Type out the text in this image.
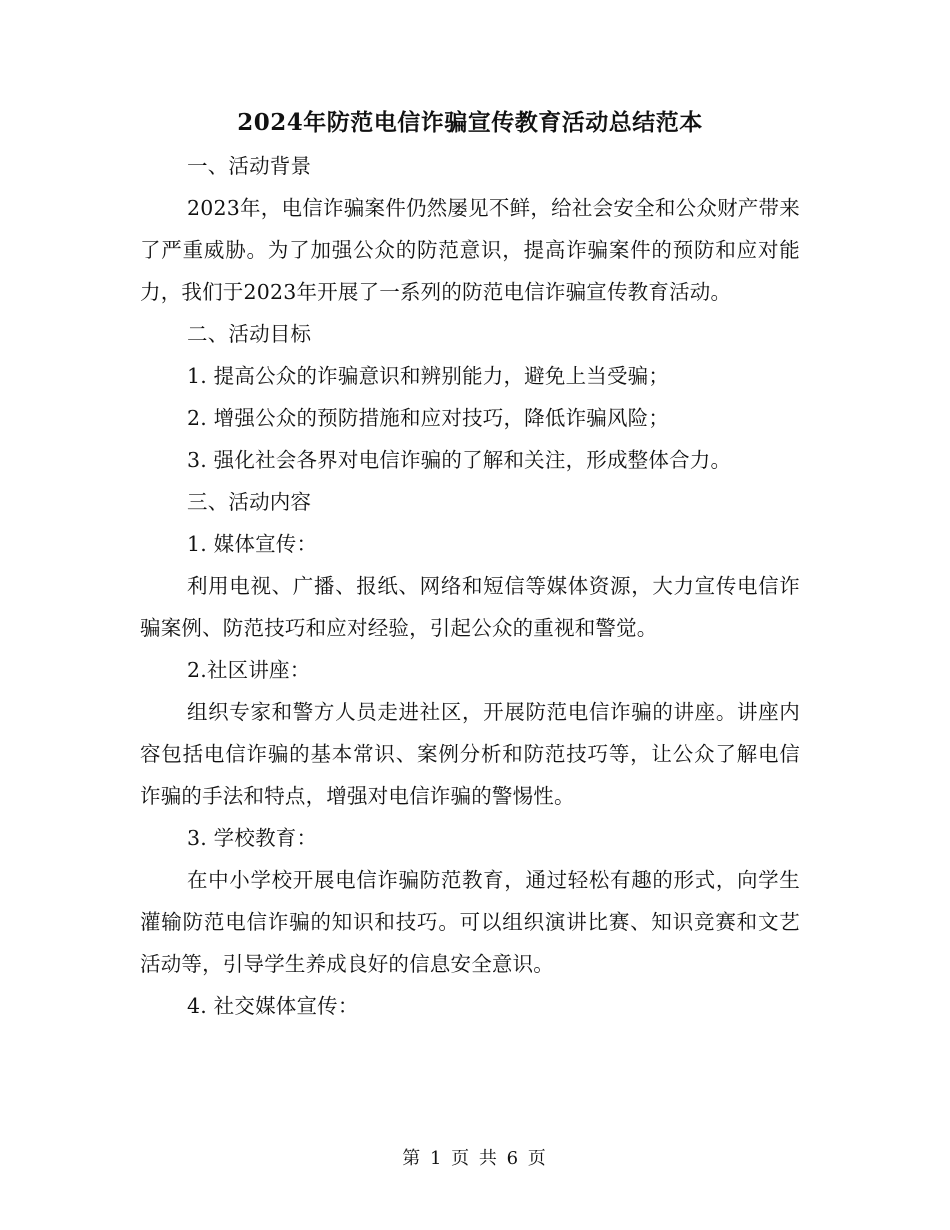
2024年防范电信诈骗宣传教育活动总结范本

一、活动背景

2023年，电信诈骗案件仍然屡见不鲜，给社会安全和公众财产带来了严重威胁。为了加强公众的防范意识，提高诈骗案件的预防和应对能力，我们于2023年开展了一系列的防范电信诈骗宣传教育活动。

二、活动目标

1. 提高公众的诈骗意识和辨别能力，避免上当受骗；

2. 增强公众的预防措施和应对技巧，降低诈骗风险；

3. 强化社会各界对电信诈骗的了解和关注，形成整体合力。

三、活动内容

1. 媒体宣传：

利用电视、广播、报纸、网络和短信等媒体资源，大力宣传电信诈骗案例、防范技巧和应对经验，引起公众的重视和警觉。

2.社区讲座：

组织专家和警方人员走进社区，开展防范电信诈骗的讲座。讲座内容包括电信诈骗的基本常识、案例分析和防范技巧等，让公众了解电信诈骗的手法和特点，增强对电信诈骗的警惕性。

3. 学校教育：

在中小学校开展电信诈骗防范教育，通过轻松有趣的形式，向学生灌输防范电信诈骗的知识和技巧。可以组织演讲比赛、知识竞赛和文艺活动等，引导学生养成良好的信息安全意识。

4. 社交媒体宣传：

第 1 页 共 6 页
